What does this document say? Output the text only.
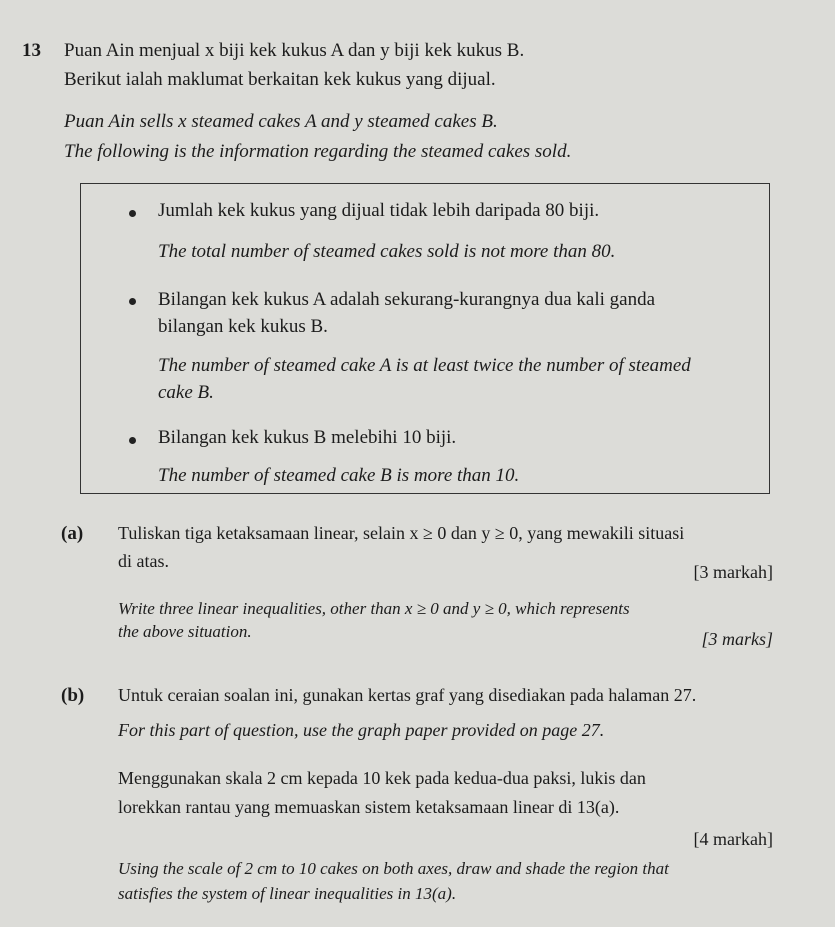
13 Puan Ain menjual x biji kek kukus A dan y biji kek kukus B.
Berikut ialah maklumat berkaitan kek kukus yang dijual.
Puan Ain sells x steamed cakes A and y steamed cakes B.
The following is the information regarding the steamed cakes sold.
Jumlah kek kukus yang dijual tidak lebih daripada 80 biji.
The total number of steamed cakes sold is not more than 80.
Bilangan kek kukus A adalah sekurang-kurangnya dua kali ganda
bilangan kek kukus B.
The number of steamed cake A is at least twice the number of steamed
cake B.
Bilangan kek kukus B melebihi 10 biji.
The number of steamed cake B is more than 10.
(a) Tuliskan tiga ketaksamaan linear, selain x ≥ 0 dan y ≥ 0, yang mewakili situasi
di atas.
[3 markah]
Write three linear inequalities, other than x ≥ 0 and y ≥ 0, which represents
the above situation.	[3 marks]
(b) Untuk ceraian soalan ini, gunakan kertas graf yang disediakan pada halaman 27.
For this part of question, use the graph paper provided on page 27.
Menggunakan skala 2 cm kepada 10 kek pada kedua-dua paksi, lukis dan
lorekkan rantau yang memuaskan sistem ketaksamaan linear di 13(a).
[4 markah]
Using the scale of 2 cm to 10 cakes on both axes, draw and shade the region that
satisfies the system of linear inequalities in 13(a).
